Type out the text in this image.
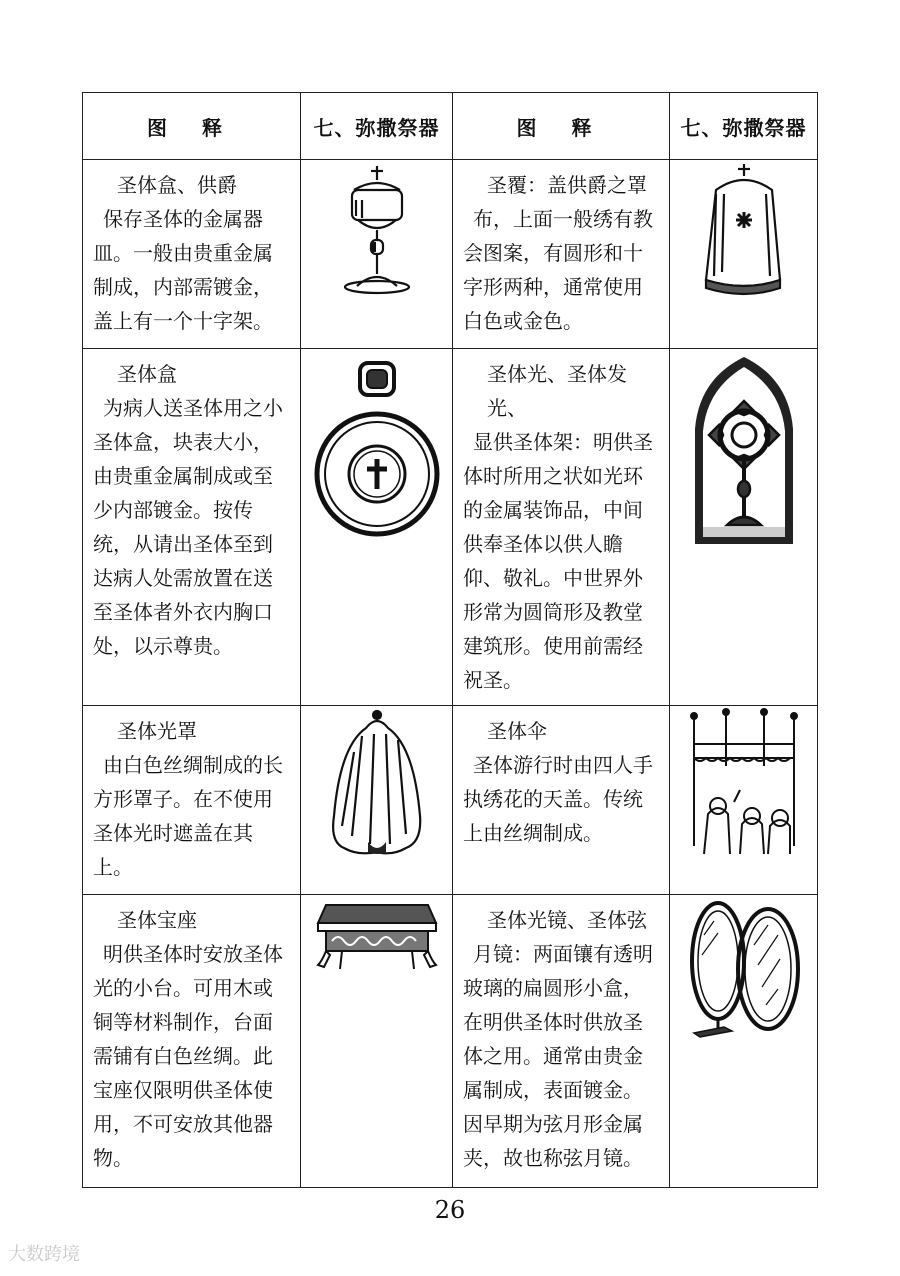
图 释	七、弥撒祭器	图 释	七、弥撒祭器

圣体盒、供爵
保存圣体的金属器皿。一般由贵重金属制成，内部需镀金，盖上有一个十字架。		圣覆：盖供爵之罩
布，上面一般绣有教会图案，有圆形和十字形两种，通常使用白色或金色。

圣体盒
为病人送圣体用之小圣体盒，块表大小，由贵重金属制成或至少内部镀金。按传统，从请出圣体至到达病人处需放置在送至圣体者外衣内胸口处，以示尊贵。		圣体光、圣体发光、
显供圣体架：明供圣体时所用之状如光环的金属装饰品，中间供奉圣体以供人瞻仰、敬礼。中世界外形常为圆筒形及教堂建筑形。使用前需经祝圣。

圣体光罩
由白色丝绸制成的长方形罩子。在不使用圣体光时遮盖在其上。		圣体伞
圣体游行时由四人手执绣花的天盖。传统上由丝绸制成。

圣体宝座
明供圣体时安放圣体光的小台。可用木或铜等材料制作，台面需铺有白色丝绸。此宝座仅限明供圣体使用，不可安放其他器物。		圣体光镜、圣体弦
月镜：两面镶有透明玻璃的扁圆形小盒，在明供圣体时供放圣体之用。通常由贵金属制成，表面镀金。因早期为弦月形金属夹，故也称弦月镜。

26
大数跨境
